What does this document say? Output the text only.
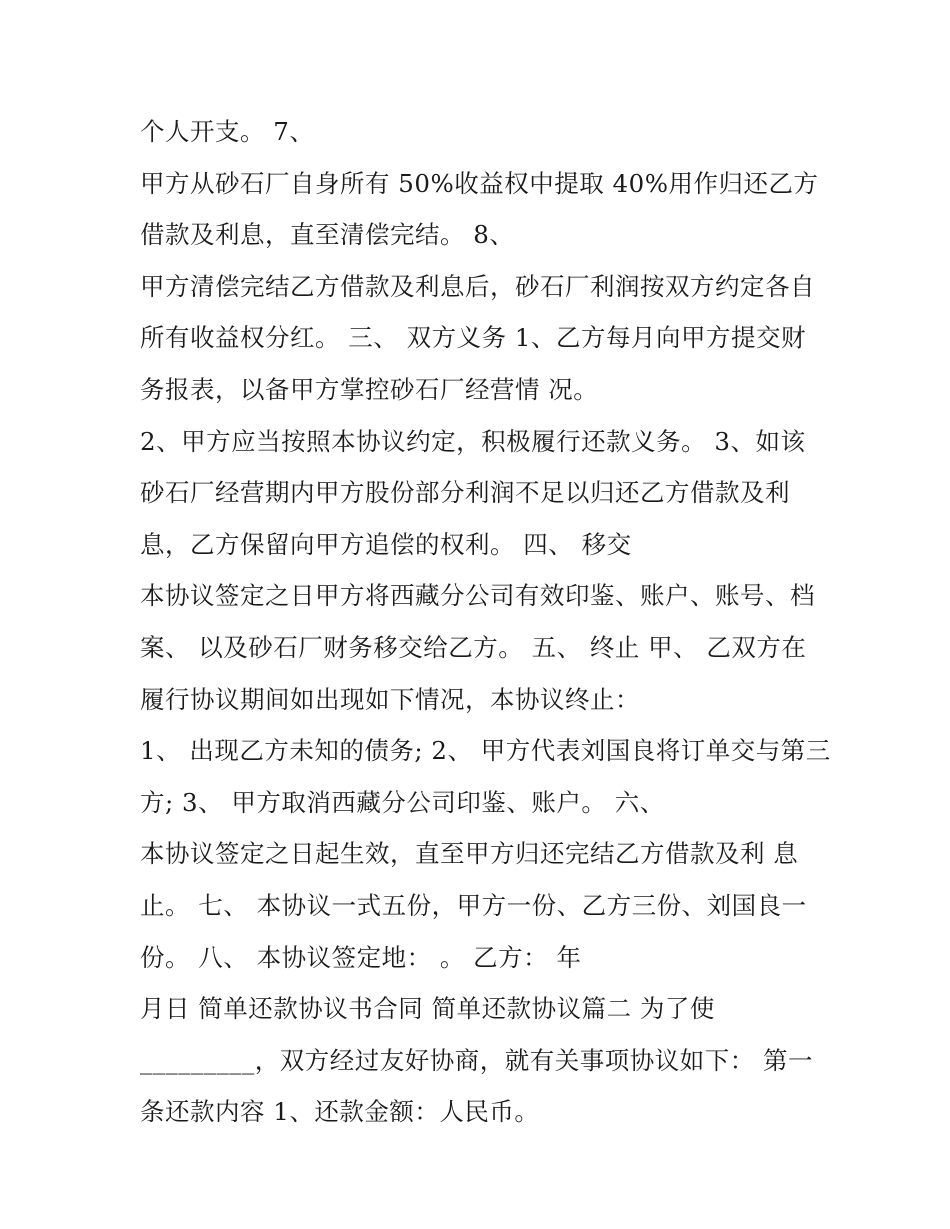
个人开支。 7、
甲方从砂石厂自身所有 50%收益权中提取 40%用作归还乙方
借款及利息，直至清偿完结。 8、
甲方清偿完结乙方借款及利息后，砂石厂利润按双方约定各自
所有收益权分红。 三、 双方义务 1、乙方每月向甲方提交财
务报表，以备甲方掌控砂石厂经营情 况。
2、甲方应当按照本协议约定，积极履行还款义务。 3、如该
砂石厂经营期内甲方股份部分利润不足以归还乙方借款及利
息，乙方保留向甲方追偿的权利。 四、 移交
本协议签定之日甲方将西藏分公司有效印鉴、账户、账号、档
案、 以及砂石厂财务移交给乙方。 五、 终止 甲、 乙双方在
履行协议期间如出现如下情况，本协议终止：
1、 出现乙方未知的债务; 2、 甲方代表刘国良将订单交与第三
方; 3、 甲方取消西藏分公司印鉴、账户。 六、
本协议签定之日起生效，直至甲方归还完结乙方借款及利 息
止。 七、 本协议一式五份，甲方一份、乙方三份、刘国良一
份。 八、 本协议签定地： 。 乙方： 年
月日 简单还款协议书合同 简单还款协议篇二 为了使
_________，双方经过友好协商，就有关事项协议如下： 第一
条还款内容 1、还款金额：人民币。
